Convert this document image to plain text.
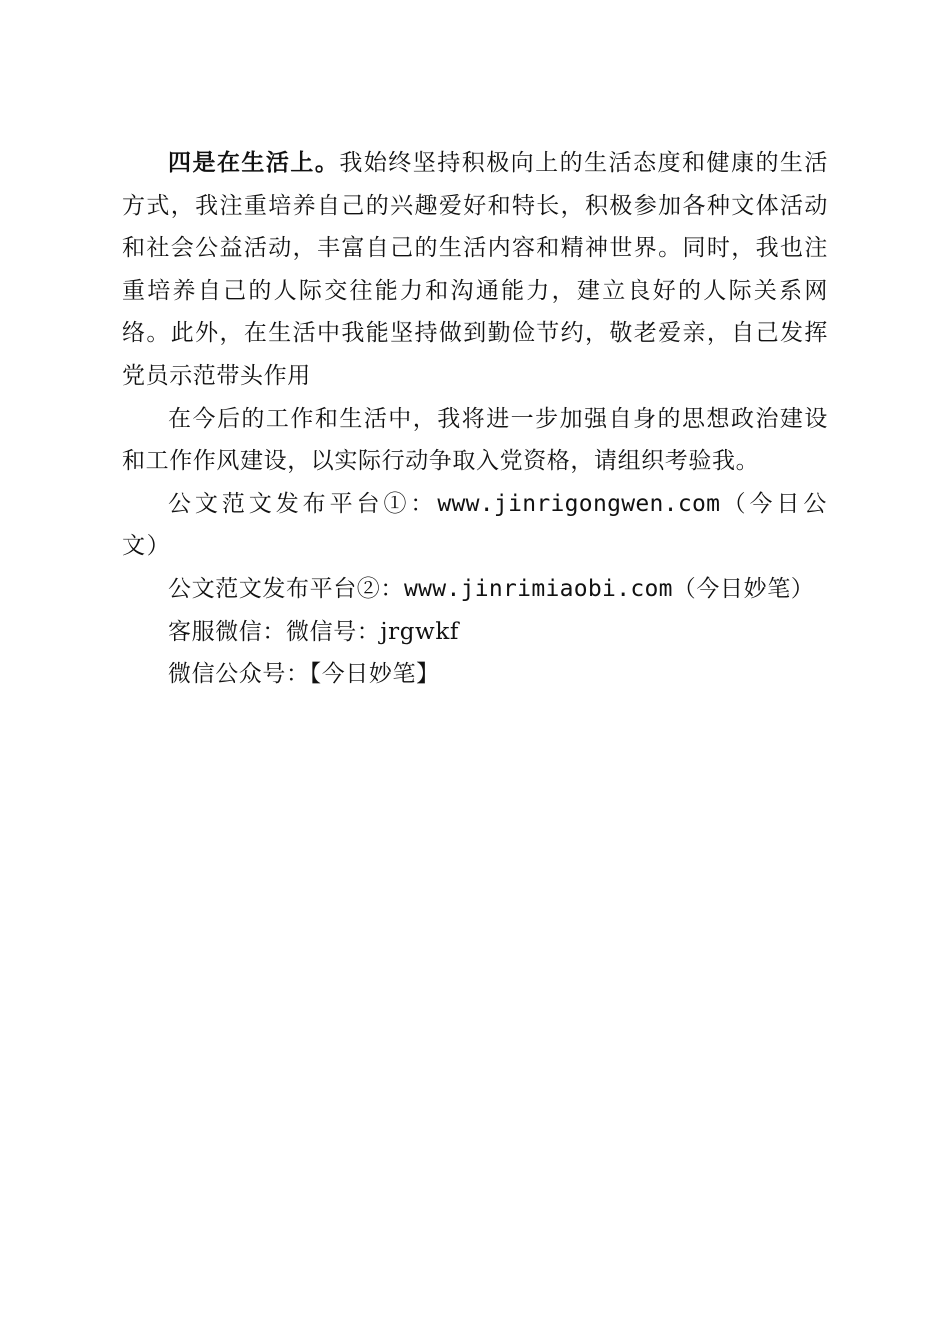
四是在生活上。我始终坚持积极向上的生活态度和健康的生活方式，我注重培养自己的兴趣爱好和特长，积极参加各种文体活动和社会公益活动，丰富自己的生活内容和精神世界。同时，我也注重培养自己的人际交往能力和沟通能力，建立良好的人际关系网络。此外，在生活中我能坚持做到勤俭节约，敬老爱亲，自己发挥党员示范带头作用

在今后的工作和生活中，我将进一步加强自身的思想政治建设和工作作风建设，以实际行动争取入党资格，请组织考验我。

公文范文发布平台①：www.jinrigongwen.com（今日公文）

公文范文发布平台②：www.jinrimiaobi.com（今日妙笔）

客服微信：微信号：jrgwkf

微信公众号：【今日妙笔】
